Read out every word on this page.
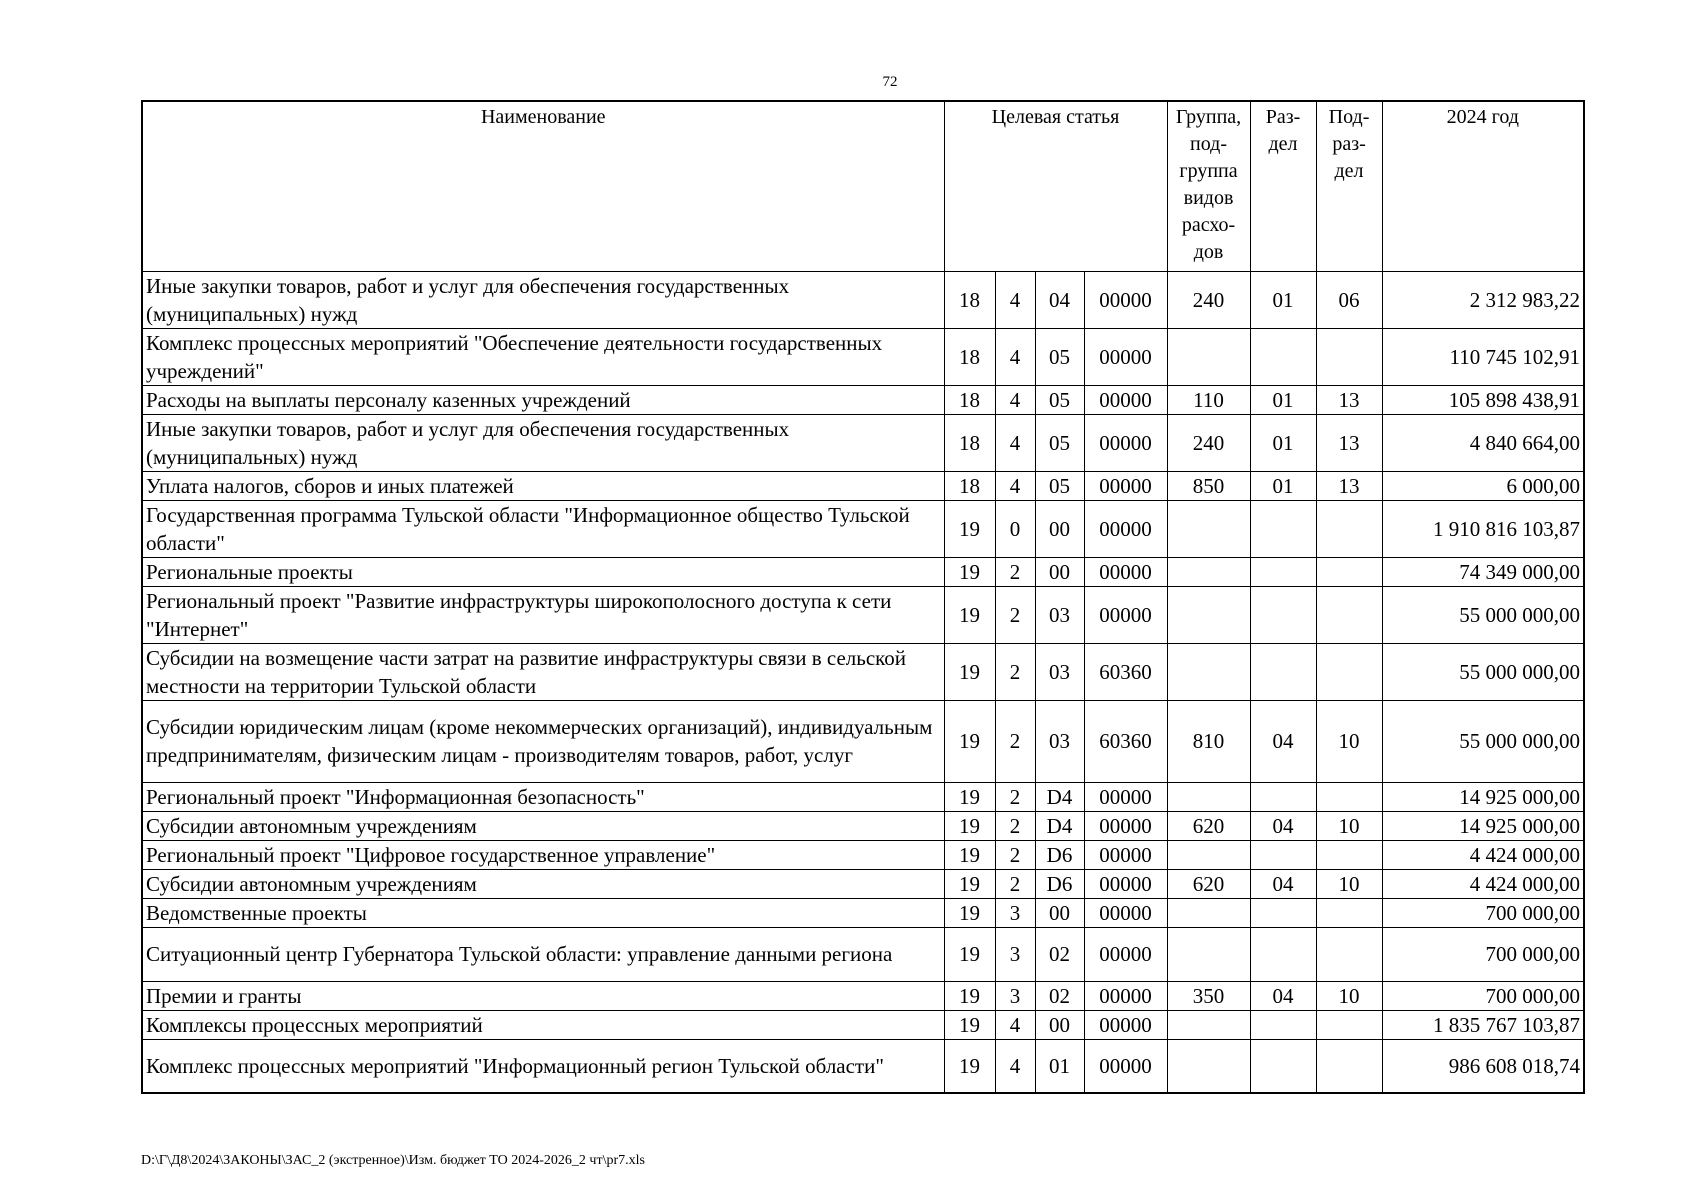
72
Наименование	Целевая статья				Группа, под-группа видов расхо-дов	Раз-дел	Под-раз-дел	2024 год
Иные закупки товаров, работ и услуг для обеспечения государственных (муниципальных) нужд	18	4	04	00000	240	01	06	2 312 983,22
Комплекс процессных мероприятий "Обеспечение деятельности государственных учреждений"	18	4	05	00000				110 745 102,91
Расходы на выплаты персоналу казенных учреждений	18	4	05	00000	110	01	13	105 898 438,91
Иные закупки товаров, работ и услуг для обеспечения государственных (муниципальных) нужд	18	4	05	00000	240	01	13	4 840 664,00
Уплата налогов, сборов и иных платежей	18	4	05	00000	850	01	13	6 000,00
Государственная программа Тульской области "Информационное общество Тульской области"	19	0	00	00000				1 910 816 103,87
Региональные проекты	19	2	00	00000				74 349 000,00
Региональный проект "Развитие инфраструктуры широкополосного доступа к сети "Интернет"	19	2	03	00000				55 000 000,00
Субсидии на возмещение части затрат на развитие инфраструктуры связи в сельской местности на территории Тульской области	19	2	03	60360				55 000 000,00
Субсидии юридическим лицам (кроме некоммерческих организаций), индивидуальным предпринимателям, физическим лицам - производителям товаров, работ, услуг	19	2	03	60360	810	04	10	55 000 000,00
Региональный проект "Информационная безопасность"	19	2	D4	00000				14 925 000,00
Субсидии автономным учреждениям	19	2	D4	00000	620	04	10	14 925 000,00
Региональный проект "Цифровое государственное управление"	19	2	D6	00000				4 424 000,00
Субсидии автономным учреждениям	19	2	D6	00000	620	04	10	4 424 000,00
Ведомственные проекты	19	3	00	00000				700 000,00
Ситуационный центр Губернатора Тульской области: управление данными региона	19	3	02	00000				700 000,00
Премии и гранты	19	3	02	00000	350	04	10	700 000,00
Комплексы процессных мероприятий	19	4	00	00000				1 835 767 103,87
Комплекс процессных мероприятий "Информационный регион Тульской области"	19	4	01	00000				986 608 018,74
D:\Г\Д8\2024\ЗАКОНЫ\ЗАС_2 (экстренное)\Изм. бюджет ТО 2024-2026_2 чт\pr7.xls
